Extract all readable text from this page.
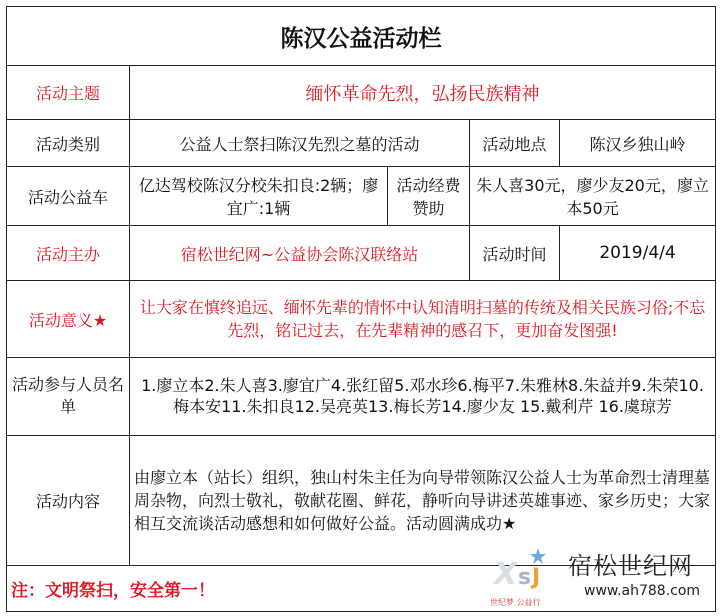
陈汉公益活动栏				
活动主题	缅怀革命先烈，弘扬民族精神			
活动类别	公益人士祭扫陈汉先烈之墓的活动		活动地点	陈汉乡独山岭
活动公益车	亿达驾校陈汉分校朱扣良:2辆；廖宜广:1辆	活动经费赞助	朱人喜30元，廖少友20元，廖立本50元	
活动主办	宿松世纪网~公益协会陈汉联络站		活动时间	2019/4/4
活动意义★	让大家在慎终追远、缅怀先辈的情怀中认知清明扫墓的传统及相关民族习俗;不忘先烈，铭记过去，在先辈精神的感召下，更加奋发图强!			
活动参与人员名单	1.廖立本2.朱人喜3.廖宜广4.张红留5.邓水珍6.梅平7.朱雅林8.朱益并9.朱荣10.梅本安11.朱扣良12.吴亮英13.梅长芳14.廖少友 15.戴利芹 16.虞琼芳			
活动内容	由廖立本（站长）组织，独山村朱主任为向导带领陈汉公益人士为革命烈士清理墓周杂物，向烈士敬礼，敬献花圈、鲜花，静听向导讲述英雄事迹、家乡历史；大家相互交流谈活动感想和如何做好公益。活动圆满成功★			
注：文明祭扫，安全第一！					X s J
世纪梦 公益行
宿松世纪网
www.ah788.com
